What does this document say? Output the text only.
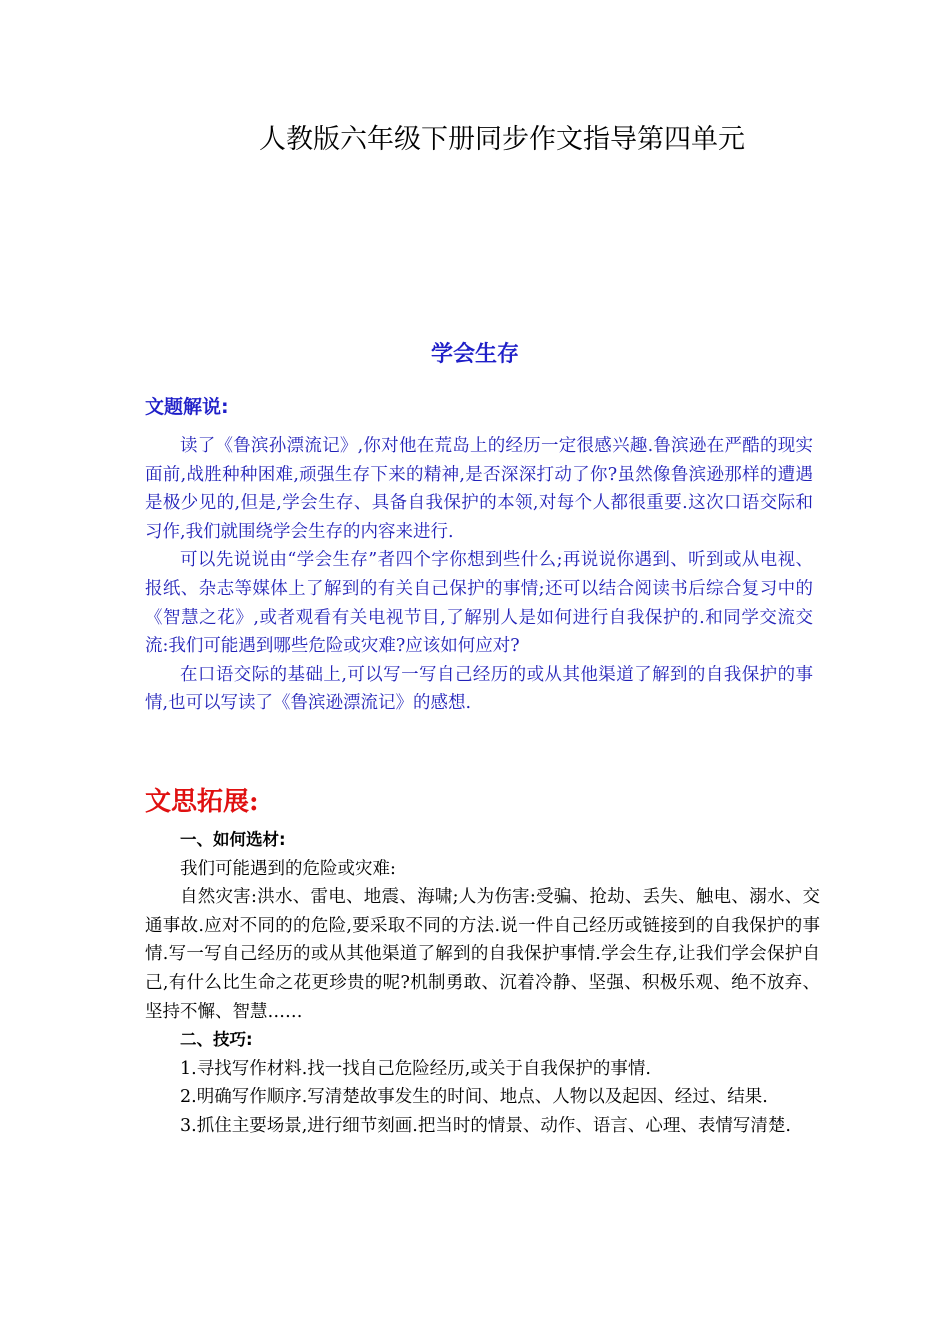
人教版六年级下册同步作文指导第四单元
学会生存
文题解说:

读了《鲁滨孙漂流记》,你对他在荒岛上的经历一定很感兴趣.鲁滨逊在严酷的现实面前,战胜种种困难,顽强生存下来的精神,是否深深打动了你?虽然像鲁滨逊那样的遭遇是极少见的,但是,学会生存、具备自我保护的本领,对每个人都很重要.这次口语交际和习作,我们就围绕学会生存的内容来进行.

可以先说说由“学会生存”者四个字你想到些什么;再说说你遇到、听到或从电视、报纸、杂志等媒体上了解到的有关自己保护的事情;还可以结合阅读书后综合复习中的《智慧之花》,或者观看有关电视节目,了解别人是如何进行自我保护的.和同学交流交流:我们可能遇到哪些危险或灾难?应该如何应对?

在口语交际的基础上,可以写一写自己经历的或从其他渠道了解到的自我保护的事情,也可以写读了《鲁滨逊漂流记》的感想.

文思拓展:

一、如何选材:

我们可能遇到的危险或灾难:

自然灾害:洪水、雷电、地震、海啸;人为伤害:受骗、抢劫、丢失、触电、溺水、交通事故.应对不同的的危险,要采取不同的方法.说一件自己经历或链接到的自我保护的事情.写一写自己经历的或从其他渠道了解到的自我保护事情.学会生存,让我们学会保护自己,有什么比生命之花更珍贵的呢?机制勇敢、沉着冷静、坚强、积极乐观、绝不放弃、坚持不懈、智慧……

二、技巧:

1.寻找写作材料.找一找自己危险经历,或关于自我保护的事情.

2.明确写作顺序.写清楚故事发生的时间、地点、人物以及起因、经过、结果.

3.抓住主要场景,进行细节刻画.把当时的情景、动作、语言、心理、表情写清楚.
